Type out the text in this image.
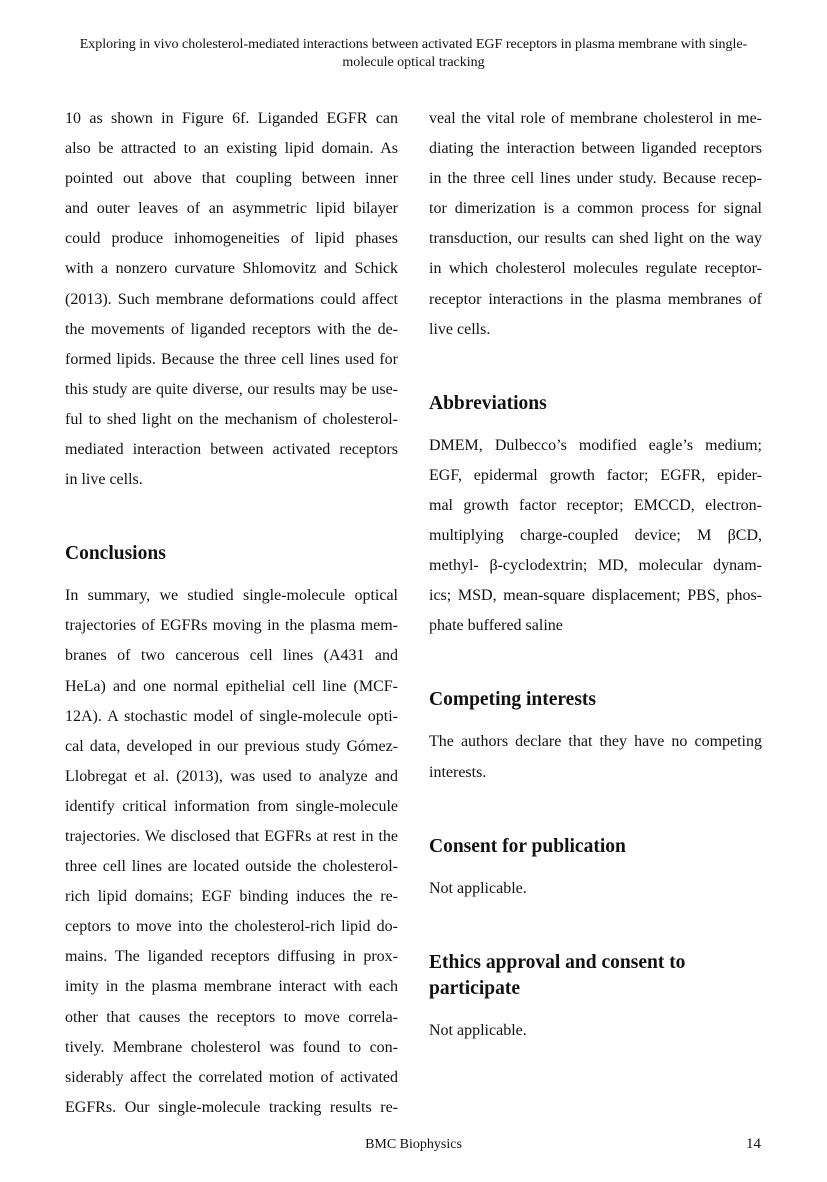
Exploring in vivo cholesterol-mediated interactions between activated EGF receptors in plasma membrane with single-molecule optical tracking
10 as shown in Figure 6f. Liganded EGFR can
also be attracted to an existing lipid domain. As
pointed out above that coupling between inner
and outer leaves of an asymmetric lipid bilayer
could produce inhomogeneities of lipid phases
with a nonzero curvature Shlomovitz and Schick
(2013). Such membrane deformations could affect
the movements of liganded receptors with the de-
formed lipids. Because the three cell lines used for
this study are quite diverse, our results may be use-
ful to shed light on the mechanism of cholesterol-
mediated interaction between activated receptors
in live cells.
Conclusions
In summary, we studied single-molecule optical
trajectories of EGFRs moving in the plasma mem-
branes of two cancerous cell lines (A431 and
HeLa) and one normal epithelial cell line (MCF-
12A). A stochastic model of single-molecule opti-
cal data, developed in our previous study Gómez-
Llobregat et al. (2013), was used to analyze and
identify critical information from single-molecule
trajectories. We disclosed that EGFRs at rest in the
three cell lines are located outside the cholesterol-
rich lipid domains; EGF binding induces the re-
ceptors to move into the cholesterol-rich lipid do-
mains. The liganded receptors diffusing in prox-
imity in the plasma membrane interact with each
other that causes the receptors to move correla-
tively. Membrane cholesterol was found to con-
siderably affect the correlated motion of activated
EGFRs. Our single-molecule tracking results re-
veal the vital role of membrane cholesterol in me-
diating the interaction between liganded receptors
in the three cell lines under study. Because recep-
tor dimerization is a common process for signal
transduction, our results can shed light on the way
in which cholesterol molecules regulate receptor-
receptor interactions in the plasma membranes of
live cells.
Abbreviations
DMEM, Dulbecco’s modified eagle’s medium;
EGF, epidermal growth factor; EGFR, epider-
mal growth factor receptor; EMCCD, electron-
multiplying charge-coupled device; M βCD,
methyl- β-cyclodextrin; MD, molecular dynam-
ics; MSD, mean-square displacement; PBS, phos-
phate buffered saline
Competing interests
The authors declare that they have no competing
interests.
Consent for publication
Not applicable.
Ethics approval and consent to
participate
Not applicable.
BMC Biophysics	14
